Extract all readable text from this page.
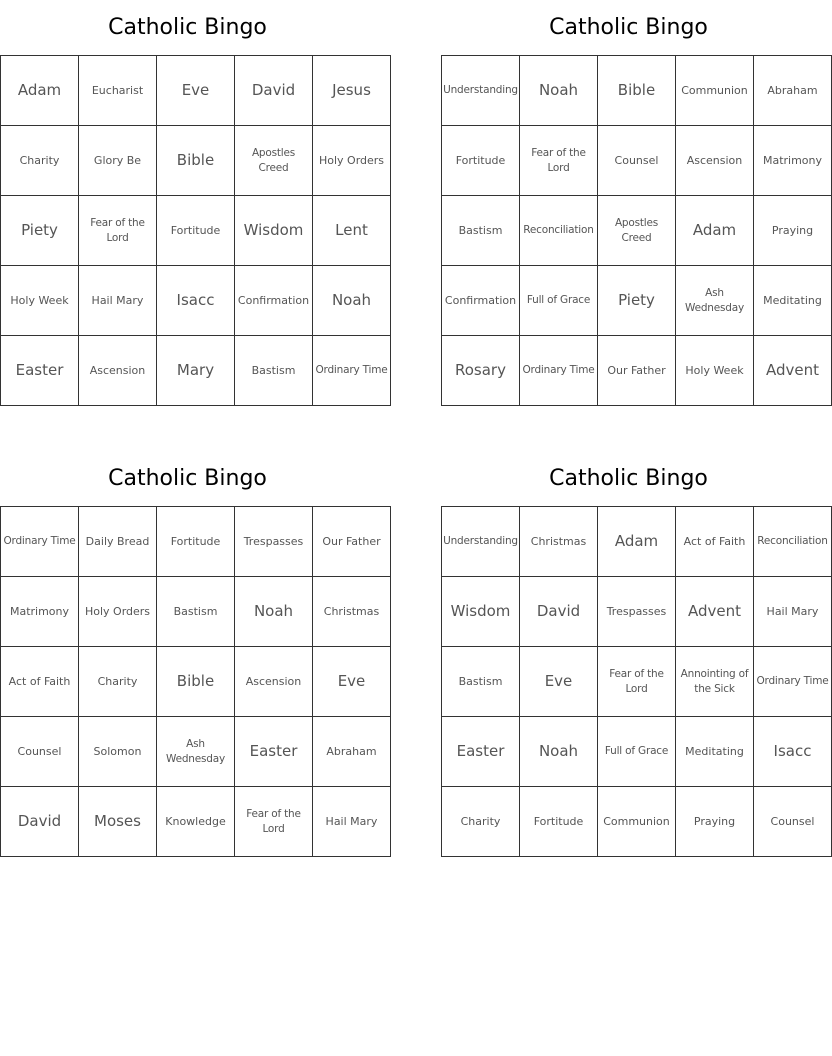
Catholic Bingo
Adam	Eucharist	Eve	David	Jesus
Charity	Glory Be	Bible	Apostles Creed	Holy Orders
Piety	Fear of the Lord	Fortitude	Wisdom	Lent
Holy Week	Hail Mary	Isacc	Confirmation	Noah
Easter	Ascension	Mary	Bastism	Ordinary Time
Catholic Bingo
Understanding	Noah	Bible	Communion	Abraham
Fortitude	Fear of the Lord	Counsel	Ascension	Matrimony
Bastism	Reconciliation	Apostles Creed	Adam	Praying
Confirmation	Full of Grace	Piety	Ash Wednesday	Meditating
Rosary	Ordinary Time	Our Father	Holy Week	Advent
Catholic Bingo
Ordinary Time	Daily Bread	Fortitude	Trespasses	Our Father
Matrimony	Holy Orders	Bastism	Noah	Christmas
Act of Faith	Charity	Bible	Ascension	Eve
Counsel	Solomon	Ash Wednesday	Easter	Abraham
David	Moses	Knowledge	Fear of the Lord	Hail Mary
Catholic Bingo
Understanding	Christmas	Adam	Act of Faith	Reconciliation
Wisdom	David	Trespasses	Advent	Hail Mary
Bastism	Eve	Fear of the Lord	Annointing of the Sick	Ordinary Time
Easter	Noah	Full of Grace	Meditating	Isacc
Charity	Fortitude	Communion	Praying	Counsel
